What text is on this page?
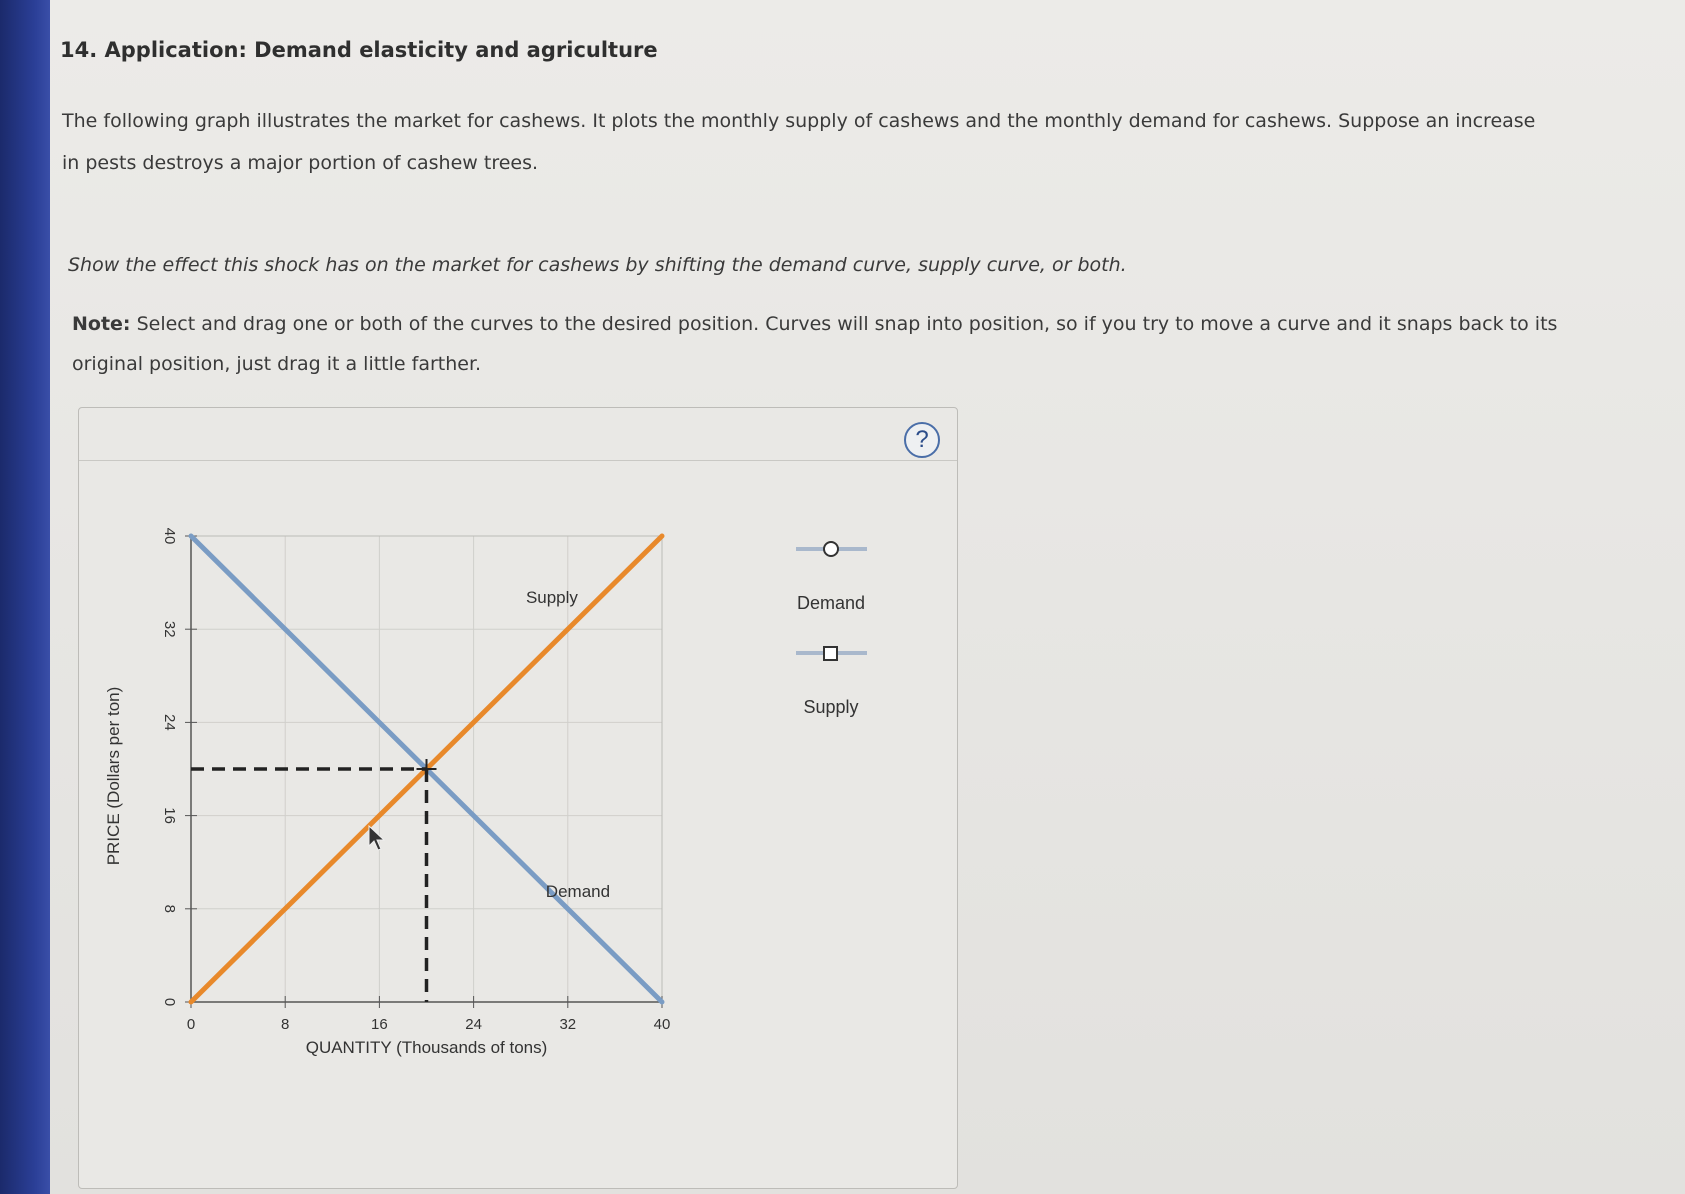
14. Application: Demand elasticity and agriculture
The following graph illustrates the market for cashews. It plots the monthly supply of cashews and the monthly demand for cashews. Suppose an increase in pests destroys a major portion of cashew trees.
Show the effect this shock has on the market for cashews by shifting the demand curve, supply curve, or both.
Note: Select and drag one or both of the curves to the desired position. Curves will snap into position, so if you try to move a curve and it snaps back to its original position, just drag it a little farther.
?
0	8	16	24	32	40
0
8
16
24
32
40
QUANTITY (Thousands of tons)
PRICE (Dollars per ton)
Demand
Supply	Demand
Supply
